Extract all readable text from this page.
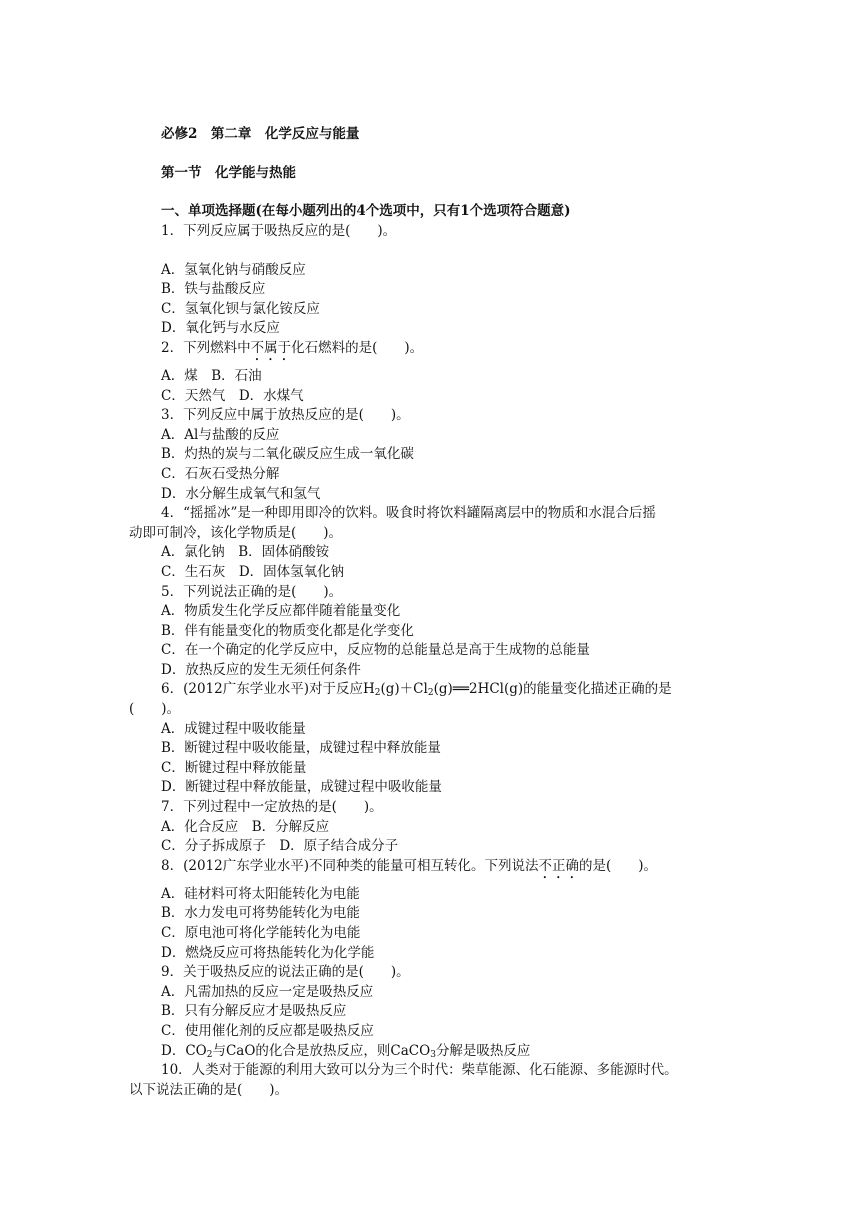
必修2　第二章　化学反应与能量
第一节　化学能与热能
一、单项选择题(在每小题列出的4个选项中，只有1个选项符合题意)
1．下列反应属于吸热反应的是(　　)。
A．氢氧化钠与硝酸反应
B．铁与盐酸反应
C．氢氧化钡与氯化铵反应
D．氧化钙与水反应
2．下列燃料中不属于化石燃料的是(　　)。
A．煤　B．石油
C．天然气　D．水煤气
3．下列反应中属于放热反应的是(　　)。
A．Al与盐酸的反应
B．灼热的炭与二氧化碳反应生成一氧化碳
C．石灰石受热分解
D．水分解生成氧气和氢气
4．“摇摇冰”是一种即用即冷的饮料。吸食时将饮料罐隔离层中的物质和水混合后摇
动即可制冷，该化学物质是(　　)。
A．氯化钠　B．固体硝酸铵
C．生石灰　D．固体氢氧化钠
5．下列说法正确的是(　　)。
A．物质发生化学反应都伴随着能量变化
B．伴有能量变化的物质变化都是化学变化
C．在一个确定的化学反应中，反应物的总能量总是高于生成物的总能量
D．放热反应的发生无须任何条件
6．(2012广东学业水平)对于反应$H_2(g)+Cl_2(g)══2HCl(g)$的能量变化描述正确的是
(　　)。
A．成键过程中吸收能量
B．断键过程中吸收能量，成键过程中释放能量
C．断键过程中释放能量
D．断键过程中释放能量，成键过程中吸收能量
7．下列过程中一定放热的是(　　)。
A．化合反应　B．分解反应
C．分子拆成原子　D．原子结合成分子
8．(2012广东学业水平)不同种类的能量可相互转化。下列说法不正确的是(　　)。
A．硅材料可将太阳能转化为电能
B．水力发电可将势能转化为电能
C．原电池可将化学能转化为电能
D．燃烧反应可将热能转化为化学能
9．关于吸热反应的说法正确的是(　　)。
A．凡需加热的反应一定是吸热反应
B．只有分解反应才是吸热反应
C．使用催化剂的反应都是吸热反应
D．$CO_2$与CaO的化合是放热反应，则CaCO$_3$分解是吸热反应
10．人类对于能源的利用大致可以分为三个时代：柴草能源、化石能源、多能源时代。
以下说法正确的是(　　)。
